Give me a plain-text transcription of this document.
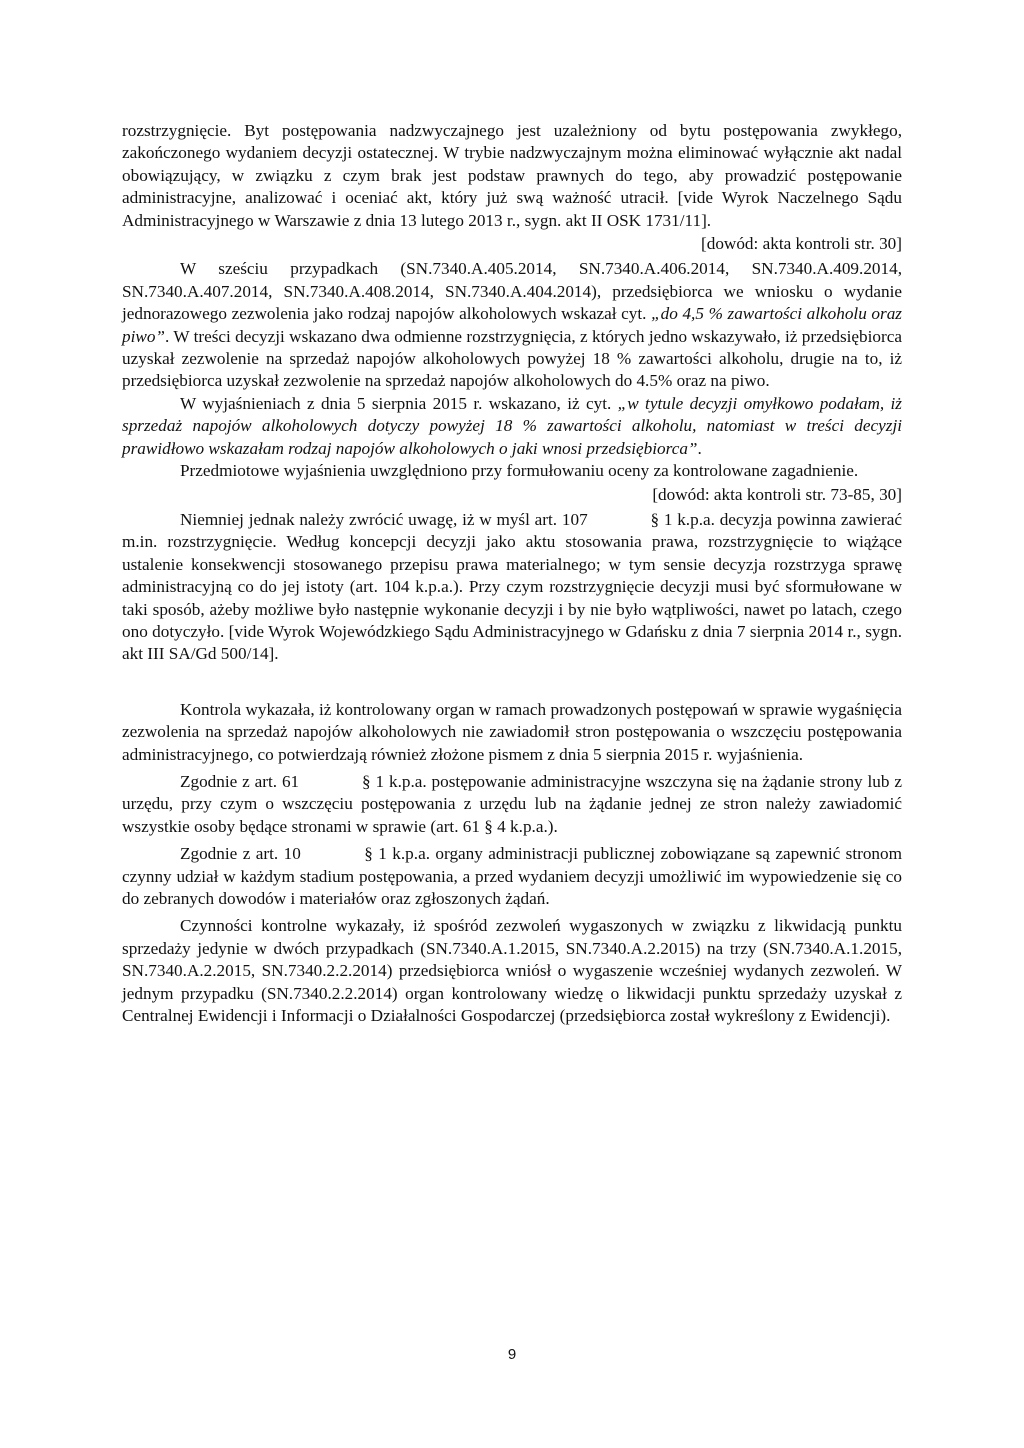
rozstrzygnięcie. Byt postępowania nadzwyczajnego jest uzależniony od bytu postępowania zwykłego, zakończonego wydaniem decyzji ostatecznej. W trybie nadzwyczajnym można eliminować wyłącznie akt nadal obowiązujący, w związku z czym brak jest podstaw prawnych do tego, aby prowadzić postępowanie administracyjne, analizować i oceniać akt, który już swą ważność utracił. [vide Wyrok Naczelnego Sądu Administracyjnego w Warszawie z dnia 13 lutego 2013 r., sygn. akt II OSK 1731/11].

[dowód: akta kontroli str. 30]

W sześciu przypadkach (SN.7340.A.405.2014, SN.7340.A.406.2014, SN.7340.A.409.2014, SN.7340.A.407.2014, SN.7340.A.408.2014, SN.7340.A.404.2014), przedsiębiorca we wniosku o wydanie jednorazowego zezwolenia jako rodzaj napojów alkoholowych wskazał cyt. „do 4,5 % zawartości alkoholu oraz piwo”. W treści decyzji wskazano dwa odmienne rozstrzygnięcia, z których jedno wskazywało, iż przedsiębiorca uzyskał zezwolenie na sprzedaż napojów alkoholowych powyżej 18 % zawartości alkoholu, drugie na to, iż przedsiębiorca uzyskał zezwolenie na sprzedaż napojów alkoholowych do 4.5% oraz na piwo.

W wyjaśnieniach z dnia 5 sierpnia 2015 r. wskazano, iż cyt. „w tytule decyzji omyłkowo podałam, iż sprzedaż napojów alkoholowych dotyczy powyżej 18 % zawartości alkoholu, natomiast w treści decyzji prawidłowo wskazałam rodzaj napojów alkoholowych o jaki wnosi przedsiębiorca”.

Przedmiotowe wyjaśnienia uwzględniono przy formułowaniu oceny za kontrolowane zagadnienie.

[dowód: akta kontroli str. 73-85, 30]

Niemniej jednak należy zwrócić uwagę, iż w myśl art. 107	§ 1 k.p.a. decyzja powinna zawierać m.in. rozstrzygnięcie. Według koncepcji decyzji jako aktu stosowania prawa, rozstrzygnięcie to wiążące ustalenie konsekwencji stosowanego przepisu prawa materialnego; w tym sensie decyzja rozstrzyga sprawę administracyjną co do jej istoty (art. 104 k.p.a.). Przy czym rozstrzygnięcie decyzji musi być sformułowane w taki sposób, ażeby możliwe było następnie wykonanie decyzji i by nie było wątpliwości, nawet po latach, czego ono dotyczyło. [vide Wyrok Wojewódzkiego Sądu Administracyjnego w Gdańsku z dnia 7 sierpnia 2014 r., sygn. akt III SA/Gd 500/14].

Kontrola wykazała, iż kontrolowany organ w ramach prowadzonych postępowań w sprawie wygaśnięcia zezwolenia na sprzedaż napojów alkoholowych nie zawiadomił stron postępowania o wszczęciu postępowania administracyjnego, co potwierdzają również złożone pismem z dnia 5 sierpnia 2015 r. wyjaśnienia.

Zgodnie z art. 61	§ 1 k.p.a. postępowanie administracyjne wszczyna się na żądanie strony lub z urzędu, przy czym o wszczęciu postępowania z urzędu lub na żądanie jednej ze stron należy zawiadomić wszystkie osoby będące stronami w sprawie (art. 61 § 4 k.p.a.).

Zgodnie z art. 10	§ 1 k.p.a. organy administracji publicznej zobowiązane są zapewnić stronom czynny udział w każdym stadium postępowania, a przed wydaniem decyzji umożliwić im wypowiedzenie się co do zebranych dowodów i materiałów oraz zgłoszonych żądań.

Czynności kontrolne wykazały, iż spośród zezwoleń wygaszonych w związku z likwidacją punktu sprzedaży jedynie w dwóch przypadkach (SN.7340.A.1.2015, SN.7340.A.2.2015) na trzy (SN.7340.A.1.2015, SN.7340.A.2.2015, SN.7340.2.2.2014) przedsiębiorca wniósł o wygaszenie wcześniej wydanych zezwoleń. W jednym przypadku (SN.7340.2.2.2014) organ kontrolowany wiedzę o likwidacji punktu sprzedaży uzyskał z Centralnej Ewidencji i Informacji o Działalności Gospodarczej (przedsiębiorca został wykreślony z Ewidencji).

9
